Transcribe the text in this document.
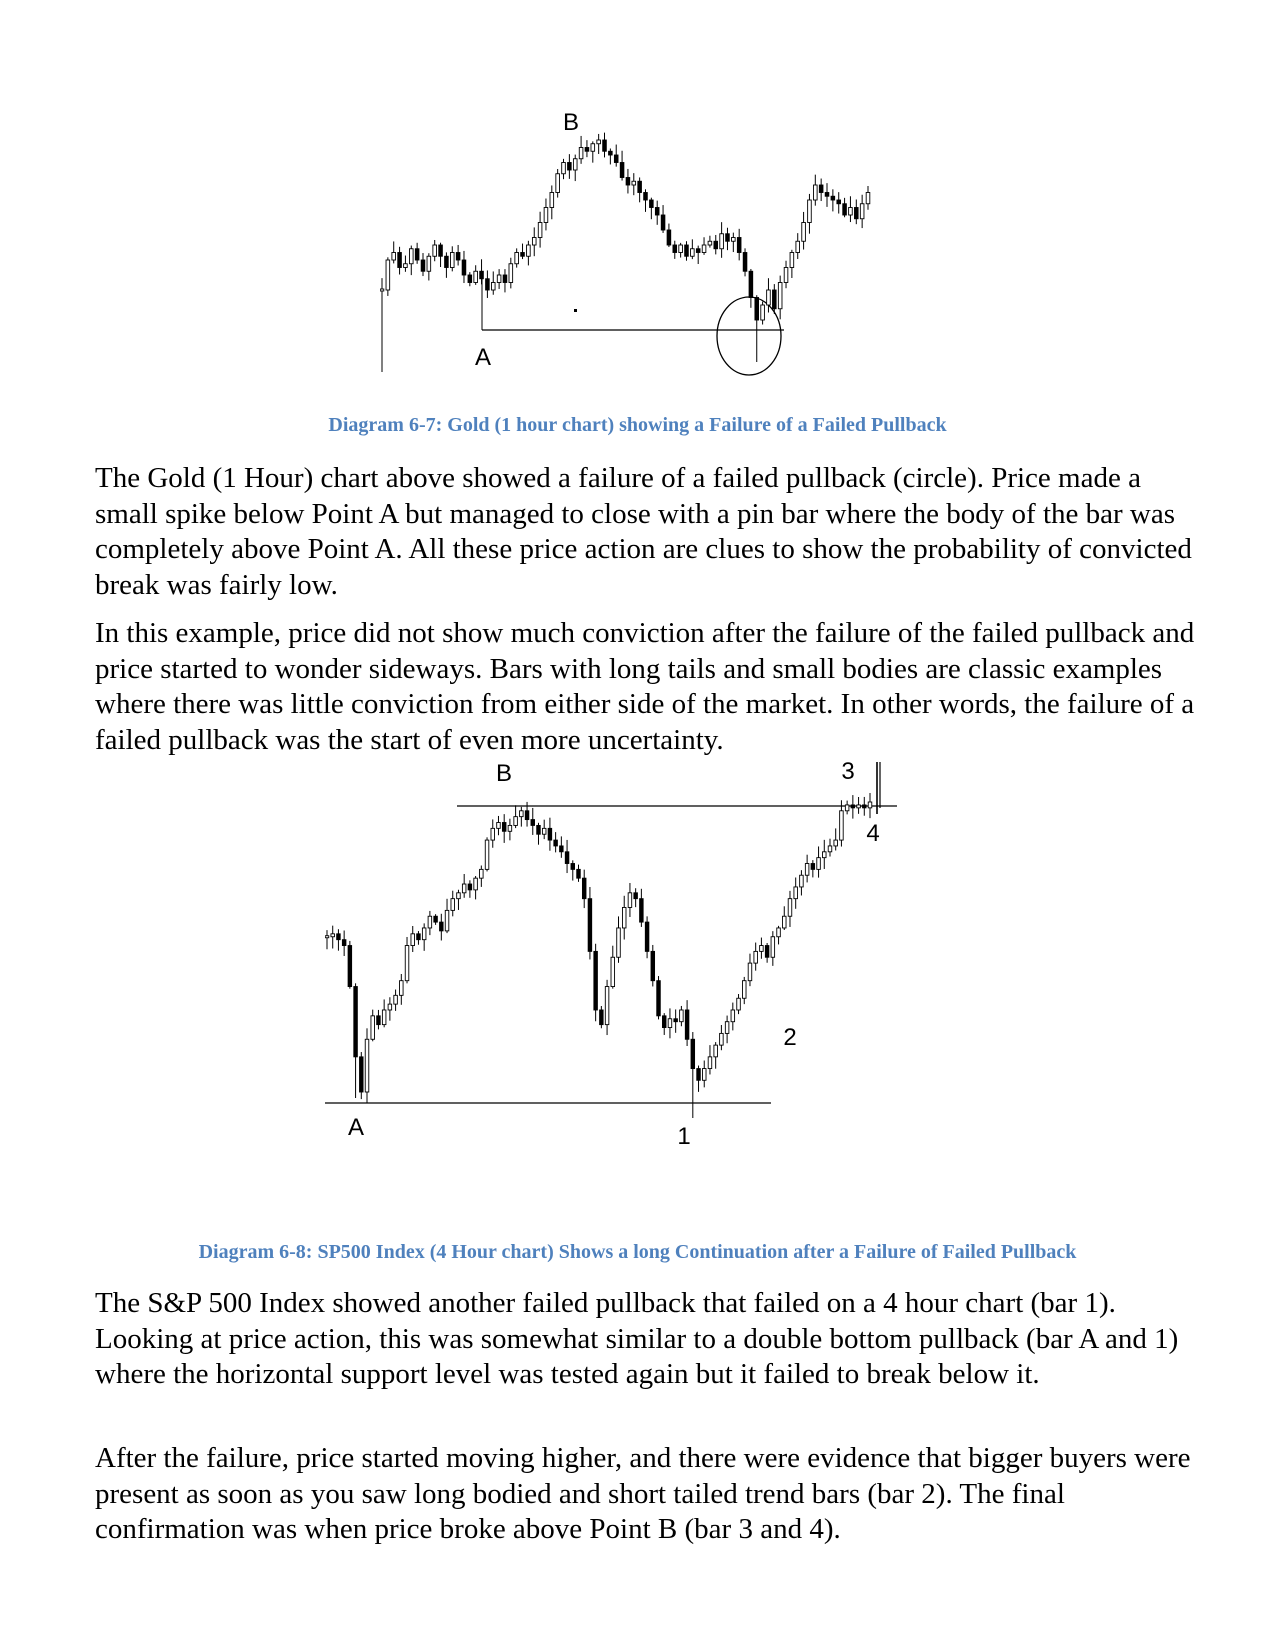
B
A

Diagram 6-7: Gold (1 hour chart) showing a Failure of a Failed Pullback

The Gold (1 Hour) chart above showed a failure of a failed pullback (circle). Price made a small spike below Point A but managed to close with a pin bar where the body of the bar was completely above Point A. All these price action are clues to show the probability of convicted break was fairly low.

In this example, price did not show much conviction after the failure of the failed pullback and price started to wonder sideways. Bars with long tails and small bodies are classic examples where there was little conviction from either side of the market. In other words, the failure of a failed pullback was the start of even more uncertainty.

B	3
4
2
A	1

Diagram 6-8: SP500 Index (4 Hour chart) Shows a long Continuation after a Failure of Failed Pullback

The S&P 500 Index showed another failed pullback that failed on a 4 hour chart (bar 1). Looking at price action, this was somewhat similar to a double bottom pullback (bar A and 1) where the horizontal support level was tested again but it failed to break below it.

After the failure, price started moving higher, and there were evidence that bigger buyers were present as soon as you saw long bodied and short tailed trend bars (bar 2). The final confirmation was when price broke above Point B (bar 3 and 4).
